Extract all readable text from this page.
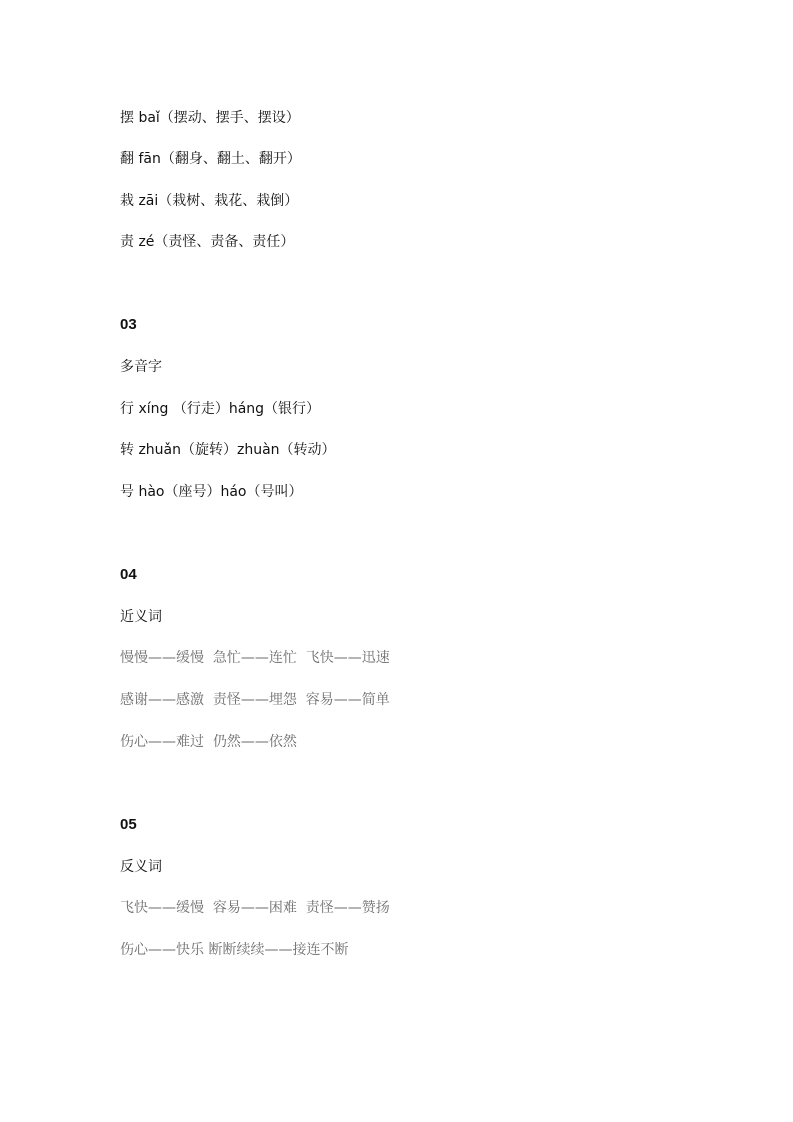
摆 baǐ（摆动、摆手、摆设）
翻 fān（翻身、翻土、翻开）
栽 zāi（栽树、栽花、栽倒）
责 zé（责怪、责备、责任）
03
多音字
行 xíng （行走）háng（银行）
转 zhuǎn（旋转）zhuàn（转动）
号 hào（座号）háo（号叫）
04
近义词
慢慢——缓慢  急忙——连忙  飞快——迅速
感谢——感激  责怪——埋怨  容易——简单
伤心——难过  仍然——依然
05
反义词
飞快——缓慢  容易——困难  责怪——赞扬
伤心——快乐 断断续续——接连不断
